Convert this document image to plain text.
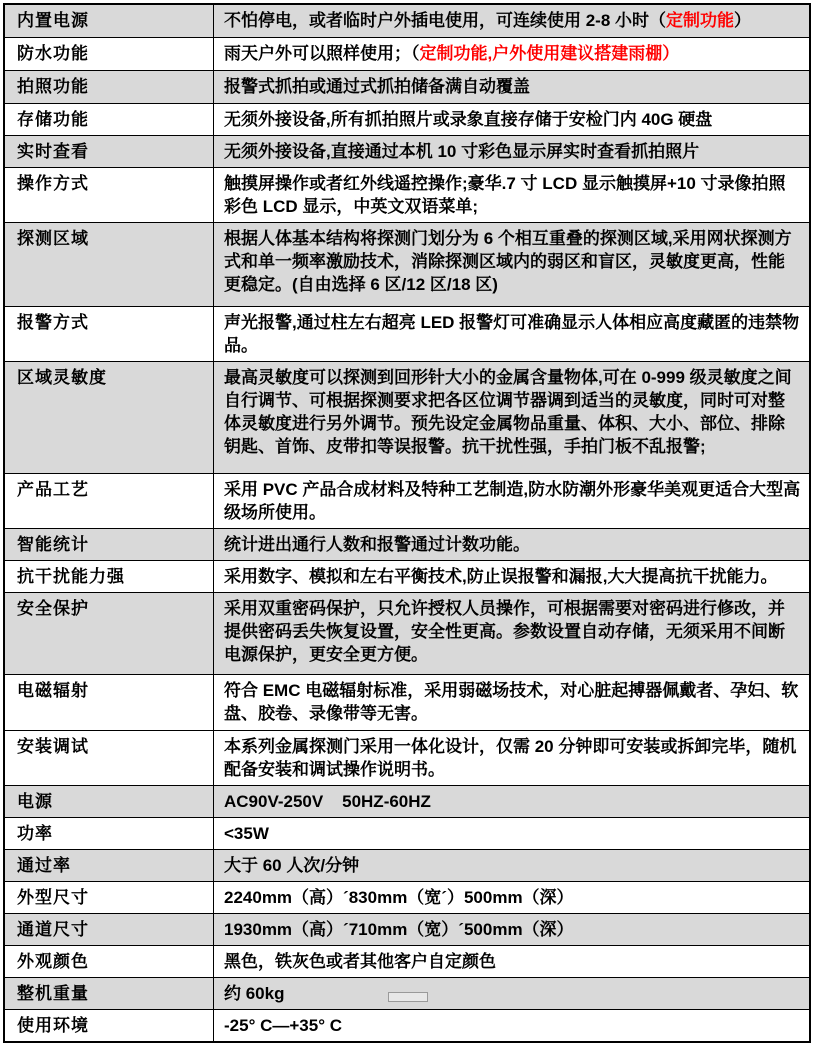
内置电源	不怕停电，或者临时户外插电使用，可连续使用 2-8 小时（定制功能）
防水功能	雨天户外可以照样使用；（定制功能,户外使用建议搭建雨棚）
拍照功能	报警式抓拍或通过式抓拍储备满自动覆盖
存储功能	无须外接设备,所有抓拍照片或录象直接存储于安检门内 40G 硬盘
实时查看	无须外接设备,直接通过本机 10 寸彩色显示屏实时查看抓拍照片
操作方式	触摸屏操作或者红外线遥控操作;豪华.7 寸 LCD 显示触摸屏+10 寸录像拍照彩色 LCD 显示，中英文双语菜单;
探测区域	根据人体基本结构将探测门划分为 6 个相互重叠的探测区域,采用网状探测方式和单一频率激励技术，消除探测区域内的弱区和盲区，灵敏度更高，性能更稳定。(自由选择 6 区/12 区/18 区)
报警方式	声光报警,通过柱左右超亮 LED 报警灯可准确显示人体相应高度藏匿的违禁物品。
区域灵敏度	最高灵敏度可以探测到回形针大小的金属含量物体,可在 0-999 级灵敏度之间自行调节、可根据探测要求把各区位调节器调到适当的灵敏度，同时可对整体灵敏度进行另外调节。预先设定金属物品重量、体积、大小、部位、排除钥匙、首饰、皮带扣等误报警。抗干扰性强，手拍门板不乱报警;
产品工艺	采用 PVC 产品合成材料及特种工艺制造,防水防潮外形豪华美观更适合大型高级场所使用。
智能统计	统计进出通行人数和报警通过计数功能。
抗干扰能力强	采用数字、模拟和左右平衡技术,防止误报警和漏报,大大提高抗干扰能力。
安全保护	采用双重密码保护，只允许授权人员操作，可根据需要对密码进行修改，并提供密码丢失恢复设置，安全性更高。参数设置自动存储，无须采用不间断电源保护，更安全更方便。
电磁辐射	符合 EMC 电磁辐射标准，采用弱磁场技术，对心脏起搏器佩戴者、孕妇、软盘、胶卷、录像带等无害。
安装调试	本系列金属探测门采用一体化设计，仅需 20 分钟即可安装或拆卸完毕，随机配备安装和调试操作说明书。
电源	AC90V-250V    50HZ-60HZ
功率	<35W
通过率	大于 60 人次/分钟
外型尺寸	2240mm（高）´830mm（宽´）500mm（深）
通道尺寸	1930mm（高）´710mm（宽）´500mm（深）
外观颜色	黑色，铁灰色或者其他客户自定颜色
整机重量	约 60kg
使用环境	-25° C—+35° C
